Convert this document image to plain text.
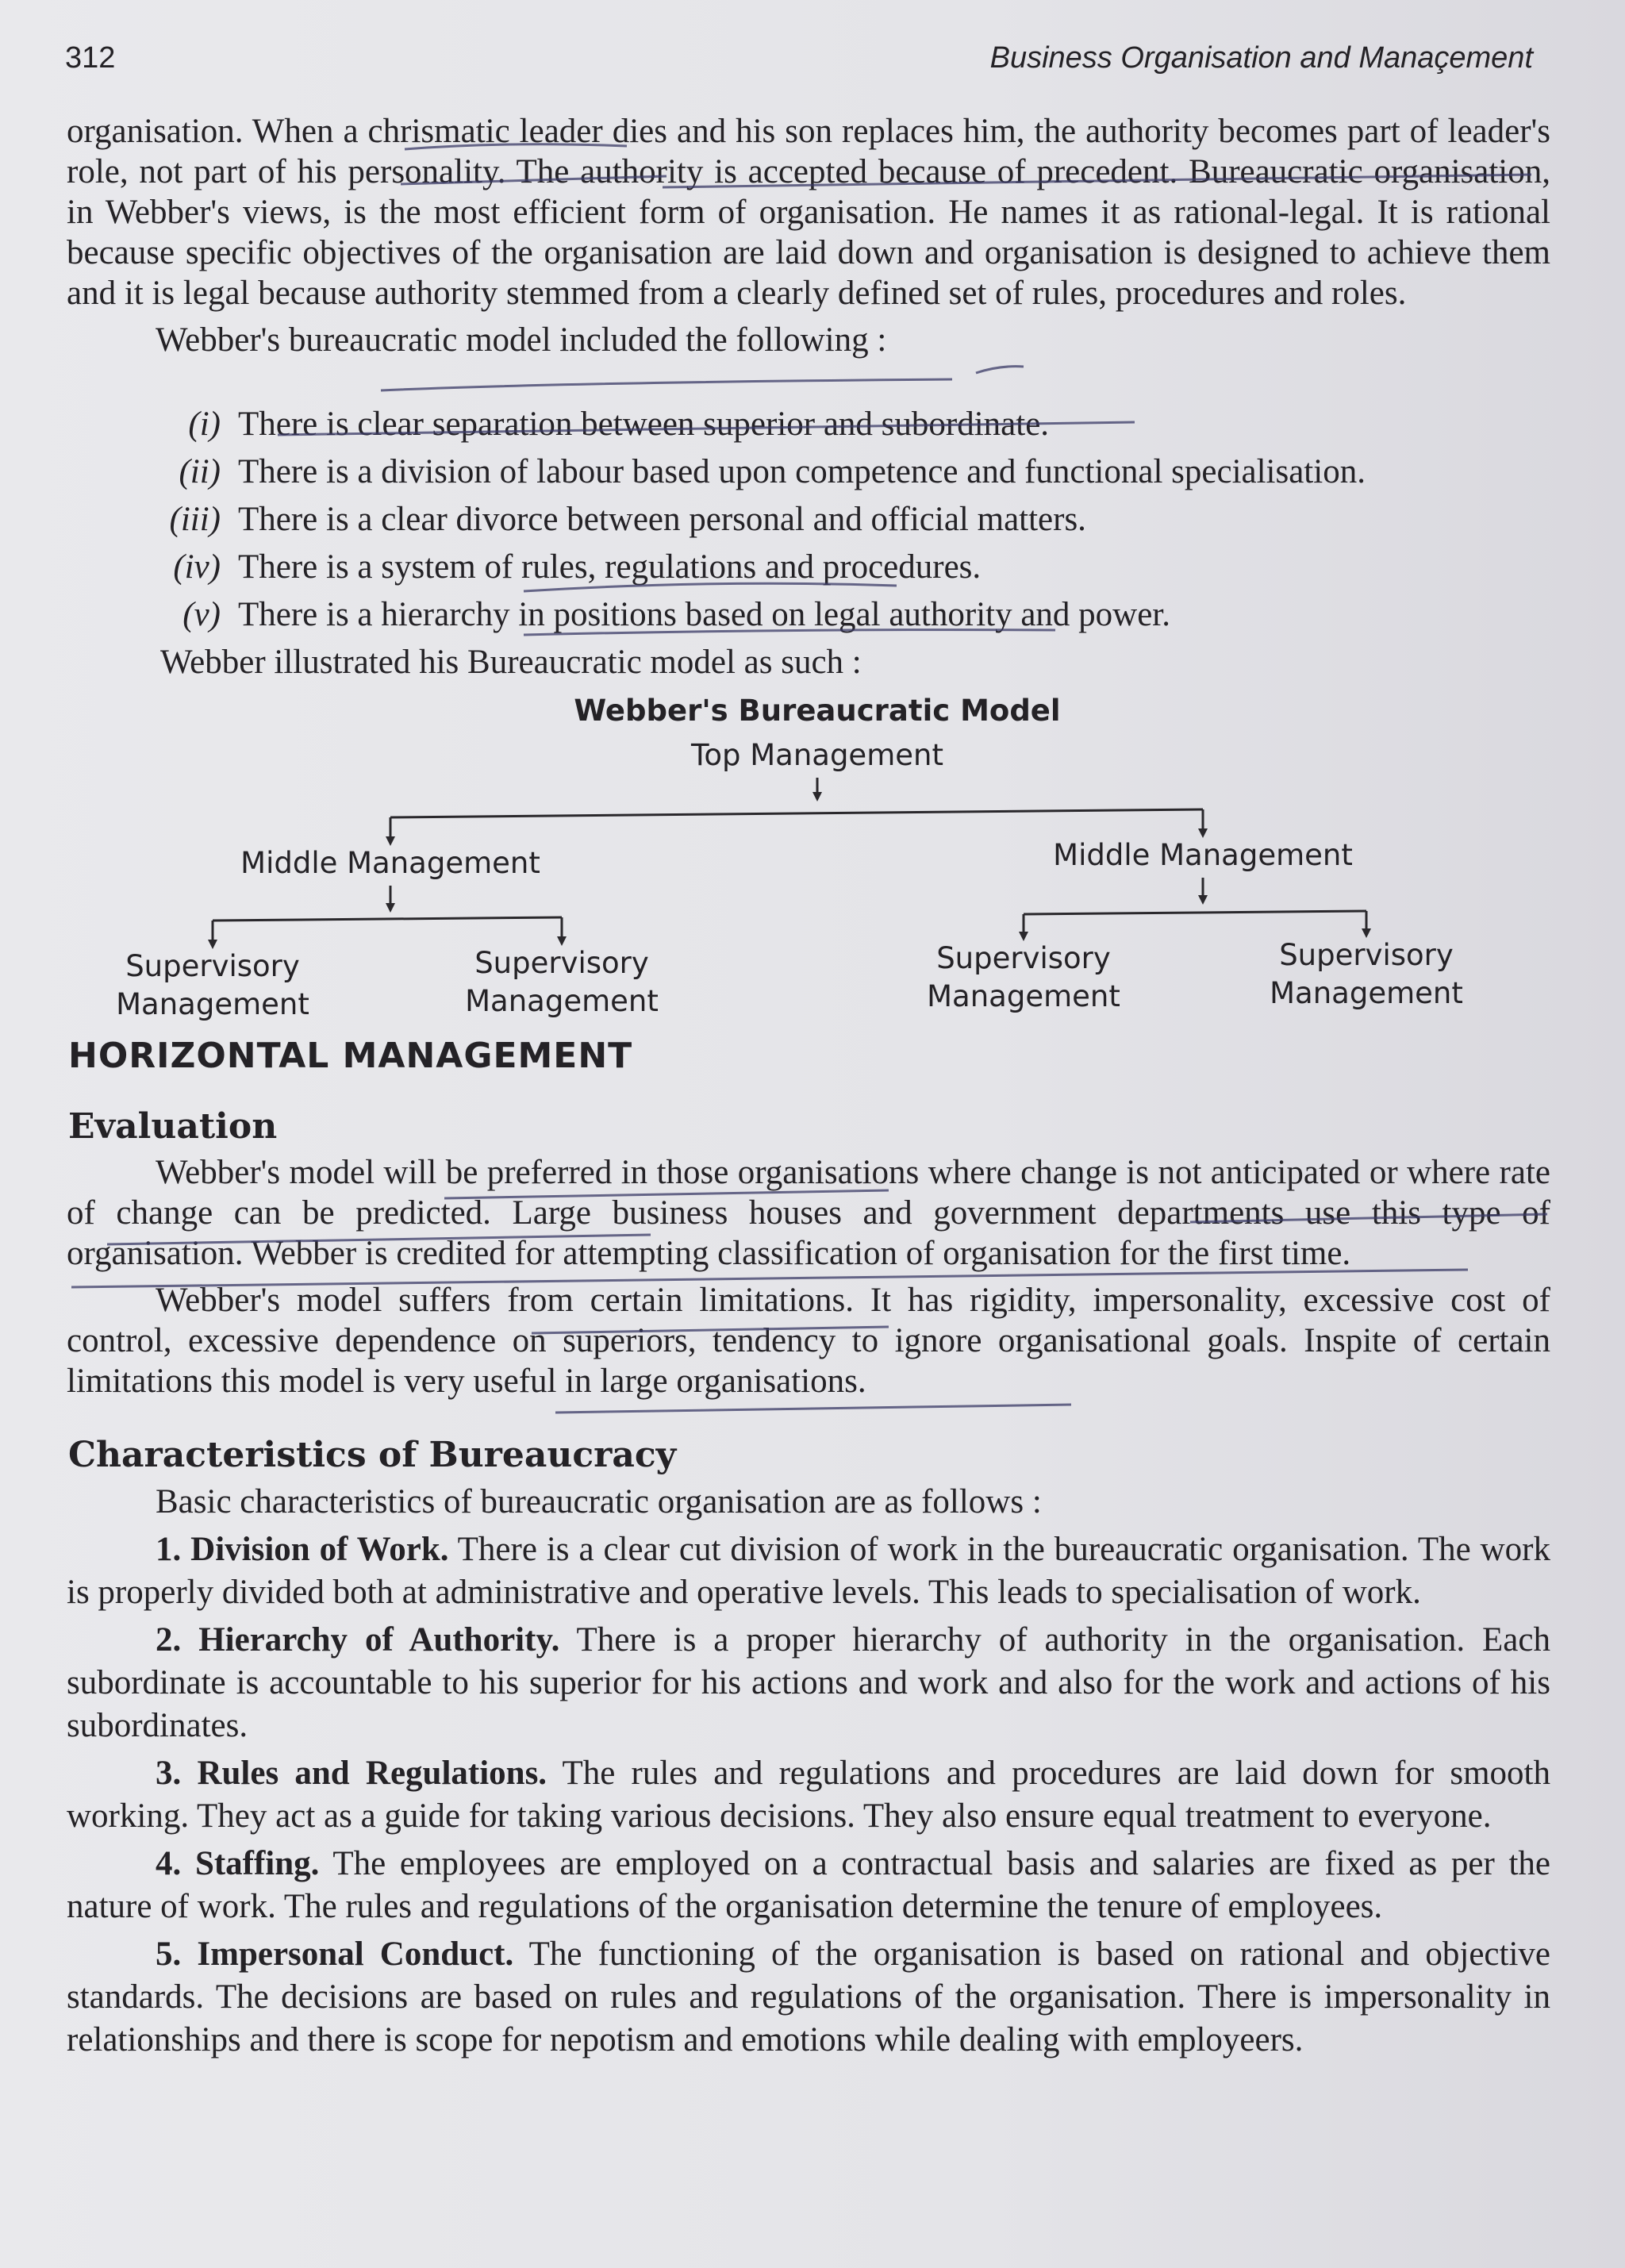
312	Business Organisation and Manaçement

organisation. When a chrismatic leader dies and his son replaces him, the authority becomes part of leader's role, not part of his personality. The authority is accepted because of precedent. Bureaucratic organisation, in Webber's views, is the most efficient form of organisation. He names it as rational-legal. It is rational because specific objectives of the organisation are laid down and organisation is designed to achieve them and it is legal because authority stemmed from a clearly defined set of rules, procedures and roles.

Webber's bureaucratic model included the following :

(i) There is clear separation between superior and subordinate.
(ii) There is a division of labour based upon competence and functional specialisation.
(iii) There is a clear divorce between personal and official matters.
(iv) There is a system of rules, regulations and procedures.
(v) There is a hierarchy in positions based on legal authority and power.
Webber illustrated his Bureaucratic model as such :
Webber's Bureaucratic Model
Top Management
Middle Management	Middle Management
Supervisory
Management
Supervisory
Management
Supervisory
Management
Supervisory
Management
HORIZONTAL MANAGEMENT
Evaluation

Webber's model will be preferred in those organisations where change is not anticipated or where rate of change can be predicted. Large business houses and government departments use this type of organisation. Webber is credited for attempting classification of organisation for the first time.

Webber's model suffers from certain limitations. It has rigidity, impersonality, excessive cost of control, excessive dependence on superiors, tendency to ignore organisational goals. Inspite of certain limitations this model is very useful in large organisations.

Characteristics of Bureaucracy

Basic characteristics of bureaucratic organisation are as follows :

1. Division of Work. There is a clear cut division of work in the bureaucratic organisation. The work is properly divided both at administrative and operative levels. This leads to specialisation of work.

2. Hierarchy of Authority. There is a proper hierarchy of authority in the organisation. Each subordinate is accountable to his superior for his actions and work and also for the work and actions of his subordinates.

3. Rules and Regulations. The rules and regulations and procedures are laid down for smooth working. They act as a guide for taking various decisions. They also ensure equal treatment to everyone.

4. Staffing. The employees are employed on a contractual basis and salaries are fixed as per the nature of work. The rules and regulations of the organisation determine the tenure of employees.

5. Impersonal Conduct. The functioning of the organisation is based on rational and objective standards. The decisions are based on rules and regulations of the organisation. There is impersonality in relationships and there is scope for nepotism and emotions while dealing with employeers.
